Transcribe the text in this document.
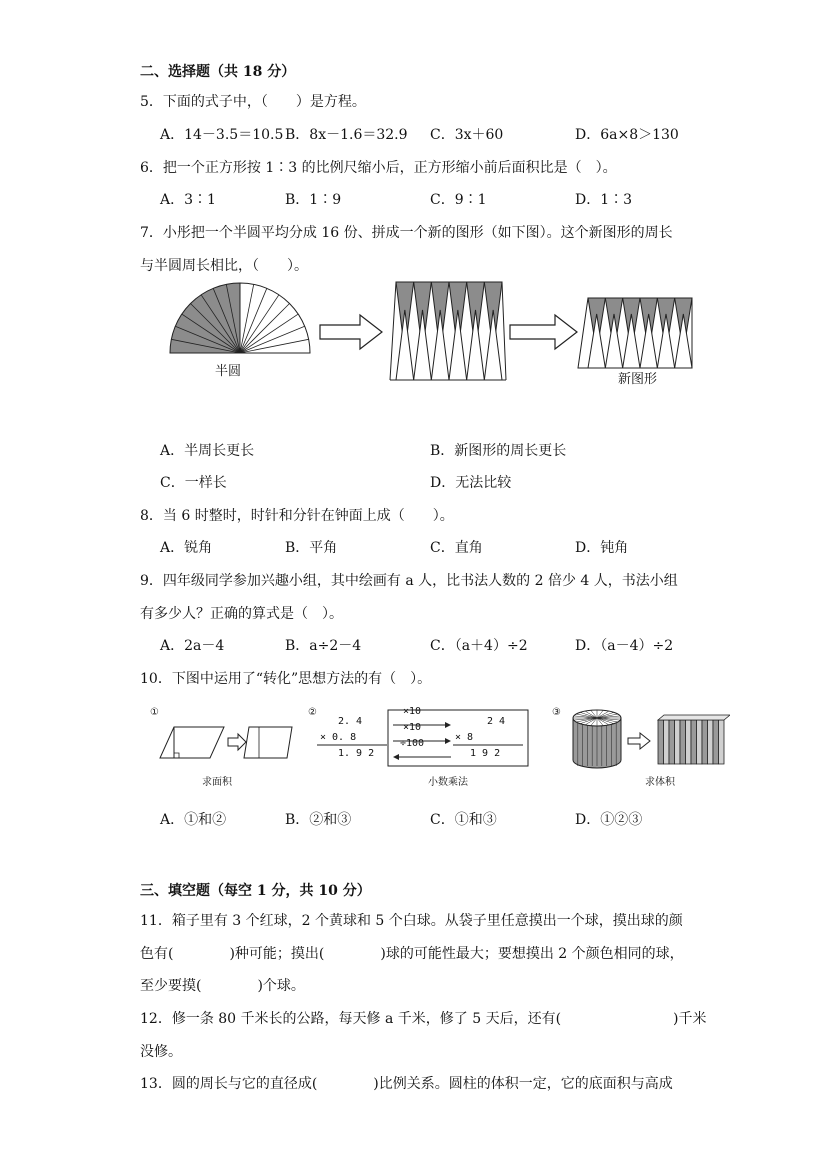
二、选择题（共 18 分）
5．下面的式子中，（　　）是方程。
A．14－3.5＝10.5 B．8x－1.6＝32.9 C．3x＋60	D．6a×8＞130
6．把一个正方形按 1∶3 的比例尺缩小后，正方形缩小前后面积比是（　）。
A．3∶1	B．1∶9	C．9∶1	D．1∶3
7．小彤把一个半圆平均分成 16 份、拼成一个新的图形（如下图）。这个新图形的周长
与半圆周长相比，（　　）。
半圆
新图形
A．半周长更长	B．新图形的周长更长
C．一样长	D．无法比较
8．当 6 时整时，时针和分针在钟面上成（　　）。
A．锐角	B．平角	C．直角	D．钝角
9．四年级同学参加兴趣小组，其中绘画有 a 人，比书法人数的 2 倍少 4 人，书法小组
有多少人？正确的算式是（　）。
A．2a－4	B．a÷2－4	C．（a＋4）÷2	D．（a－4）÷2
10．下图中运用了“转化”思想方法的有（　）。
①
求面积
②
2. 4
× 0. 8
1. 9 2
×10
×10
÷100
2 4
× 8
1 9 2
小数乘法
③
求体积
A．①和②	B．②和③	C．①和③	D．①②③
三、填空题（每空 1 分，共 10 分）
11．箱子里有 3 个红球，2 个黄球和 5 个白球。从袋子里任意摸出一个球，摸出球的颜
色有(　　　　)种可能；摸出(　　　　)球的可能性最大；要想摸出 2 个颜色相同的球，
至少要摸(　　　　)个球。
12．修一条 80 千米长的公路，每天修 a 千米，修了 5 天后，还有(　　　　　　　　)千米
没修。
13．圆的周长与它的直径成(　　　　)比例关系。圆柱的体积一定，它的底面积与高成
